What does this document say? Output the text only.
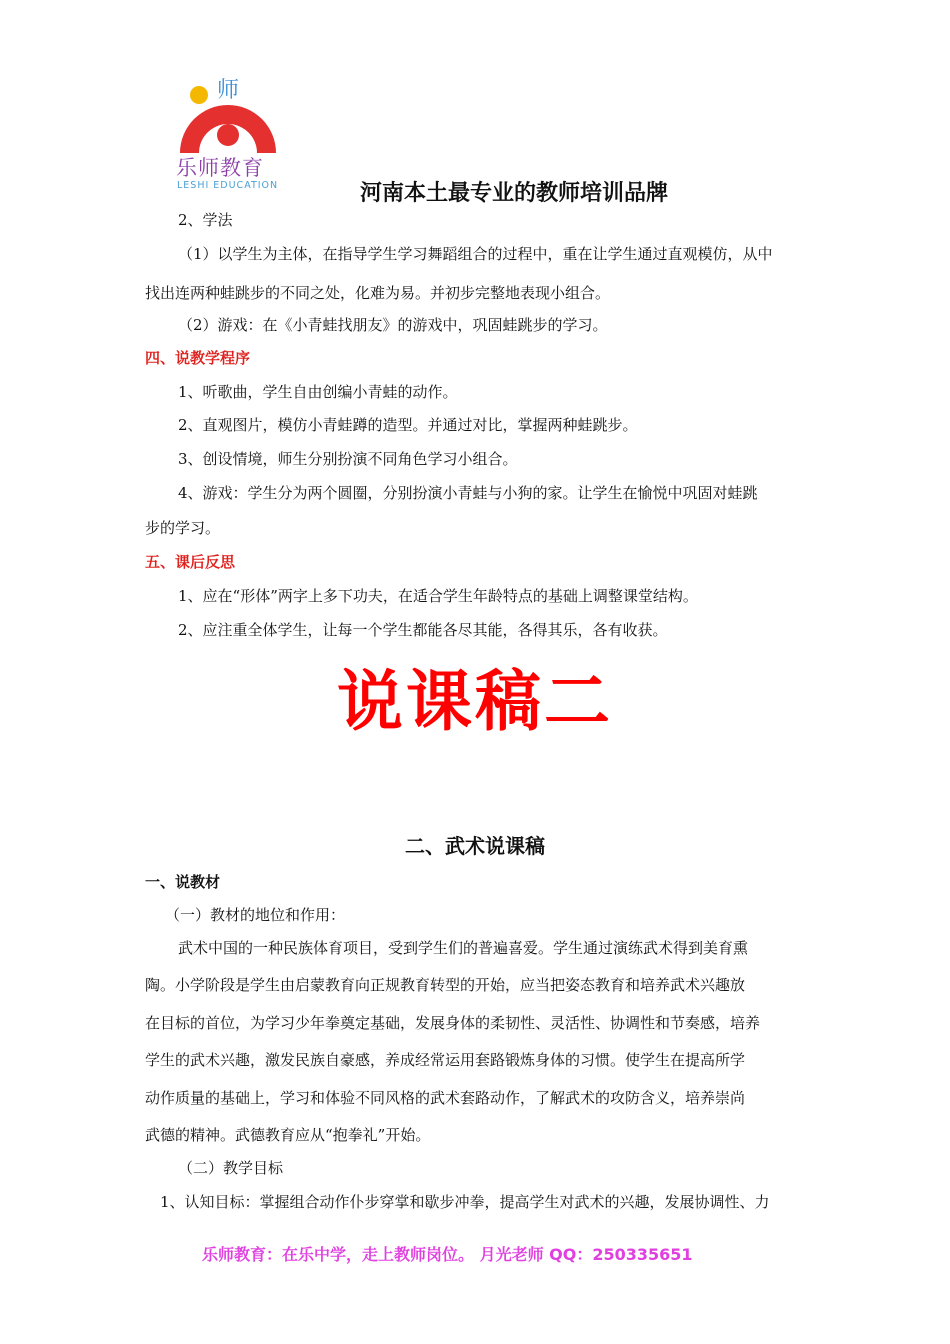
师
乐师教育
LESHI EDUCATION	河南本土最专业的教师培训品牌
2、学法
（1）以学生为主体，在指导学生学习舞蹈组合的过程中，重在让学生通过直观模仿，从中
找出连两种蛙跳步的不同之处，化难为易。并初步完整地表现小组合。
（2）游戏：在《小青蛙找朋友》的游戏中，巩固蛙跳步的学习。
四、说教学程序
1、听歌曲，学生自由创编小青蛙的动作。
2、直观图片，模仿小青蛙蹲的造型。并通过对比，掌握两种蛙跳步。
3、创设情境，师生分别扮演不同角色学习小组合。
4、游戏：学生分为两个圆圈，分别扮演小青蛙与小狗的家。让学生在愉悦中巩固对蛙跳
步的学习。
五、课后反思
1、应在“形体”两字上多下功夫，在适合学生年龄特点的基础上调整课堂结构。
2、应注重全体学生，让每一个学生都能各尽其能，各得其乐，各有收获。
说课稿二
二、武术说课稿
一、说教材
（一）教材的地位和作用：
武术中国的一种民族体育项目，受到学生们的普遍喜爱。学生通过演练武术得到美育熏
陶。小学阶段是学生由启蒙教育向正规教育转型的开始，应当把姿态教育和培养武术兴趣放
在目标的首位，为学习少年拳奠定基础，发展身体的柔韧性、灵活性、协调性和节奏感，培养
学生的武术兴趣，激发民族自豪感，养成经常运用套路锻炼身体的习惯。使学生在提高所学
动作质量的基础上，学习和体验不同风格的武术套路动作，了解武术的攻防含义，培养崇尚
武德的精神。武德教育应从“抱拳礼”开始。
（二）教学目标
1、认知目标：掌握组合动作仆步穿掌和歇步冲拳，提高学生对武术的兴趣，发展协调性、力
乐师教育：在乐中学，走上教师岗位。 月光老师 QQ：250335651
